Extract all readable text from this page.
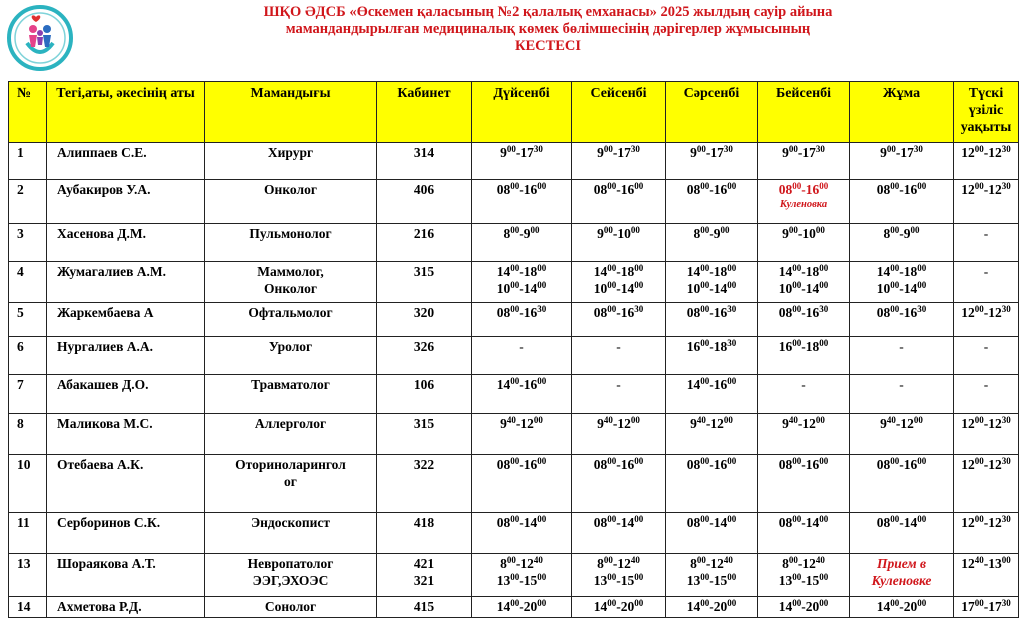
ШҚО ӘДСБ «Өскемен қаласының №2 қалалық емханасы» 2025 жылдың сауір айына
мамандандырылған медициналық көмек бөлімшесінің дәрігерлер жұмысының
КЕСТЕСІ
№	Тегі,аты, әкесінің аты	Мамандығы	Кабинет	Дүйсенбі	Сейсенбі	Сәрсенбі	Бейсенбі	Жұма	Түскі үзіліс уақыты
1	Алиппаев С.Е.	Хирург	314	$9^{00}-17^{30}$	$9^{00}-17^{30}$	$9^{00}-17^{30}$	$9^{00}-17^{30}$	$9^{00}-17^{30}$	$12^{00}-12^{30}$

2	Аубакиров У.А.	Онколог	406	$08^{00}-16^{00}$	$08^{00}-16^{00}$	$08^{00}-16^{00}$	$08^{00}-16^{00}$
Куленовка	$08^{00}-16^{00}$	$12^{00}-12^{30}$

3	Хасенова Д.М.	Пульмонолог	216	$8^{00}-9^{00}$	$9^{00}-10^{00}$	$8^{00}-9^{00}$	$9^{00}-10^{00}$	$8^{00}-9^{00}$	-
4	Жумагалиев А.М.	Маммолог,
Онколог	315	$14^{00}-18^{00}$
$10^{00}-14^{00}$	$14^{00}-18^{00}$
$10^{00}-14^{00}$	$14^{00}-18^{00}$
$10^{00}-14^{00}$	$14^{00}-18^{00}$
$10^{00}-14^{00}$	$14^{00}-18^{00}$
$10^{00}-14^{00}$	-
5	Жаркембаева А	Офтальмолог	320	$08^{00}-16^{30}$	$08^{00}-16^{30}$	$08^{00}-16^{30}$	$08^{00}-16^{30}$	$08^{00}-16^{30}$	$12^{00}-12^{30}$

6	Нургалиев А.А.	Уролог	326	-	-	$16^{00}-18^{30}$	$16^{00}-18^{00}$	-	-
7	Абакашев Д.О.	Травматолог	106	$14^{00}-16^{00}$	-	$14^{00}-16^{00}$	-	-	-
8	Маликова М.С.	Аллерголог	315	$9^{40}-12^{00}$	$9^{40}-12^{00}$	$9^{40}-12^{00}$	$9^{40}-12^{00}$	$9^{40}-12^{00}$	$12^{00}-12^{30}$

10	Отебаева А.К.	Оториноларингол
ог	322	$08^{00}-16^{00}$	$08^{00}-16^{00}$	$08^{00}-16^{00}$	$08^{00}-16^{00}$	$08^{00}-16^{00}$	$12^{00}-12^{30}$

11	Серборинов С.К.	Эндоскопист	418	$08^{00}-14^{00}$	$08^{00}-14^{00}$	$08^{00}-14^{00}$	$08^{00}-14^{00}$	$08^{00}-14^{00}$	$12^{00}-12^{30}$

13	Шораякова А.Т.	Невропатолог
ЭЭГ,ЭХОЭС	421
321	$8^{00}-12^{40}$
$13^{00}-15^{00}$	$8^{00}-12^{40}$
$13^{00}-15^{00}$	$8^{00}-12^{40}$
$13^{00}-15^{00}$	$8^{00}-12^{40}$
$13^{00}-15^{00}$	Прием в
Куленовке	$12^{40}-13^{00}$

14	Ахметова Р.Д.	Сонолог	415	$14^{00}-20^{00}$	$14^{00}-20^{00}$	$14^{00}-20^{00}$	$14^{00}-20^{00}$	$14^{00}-20^{00}$	$17^{00}-17^{30}$
